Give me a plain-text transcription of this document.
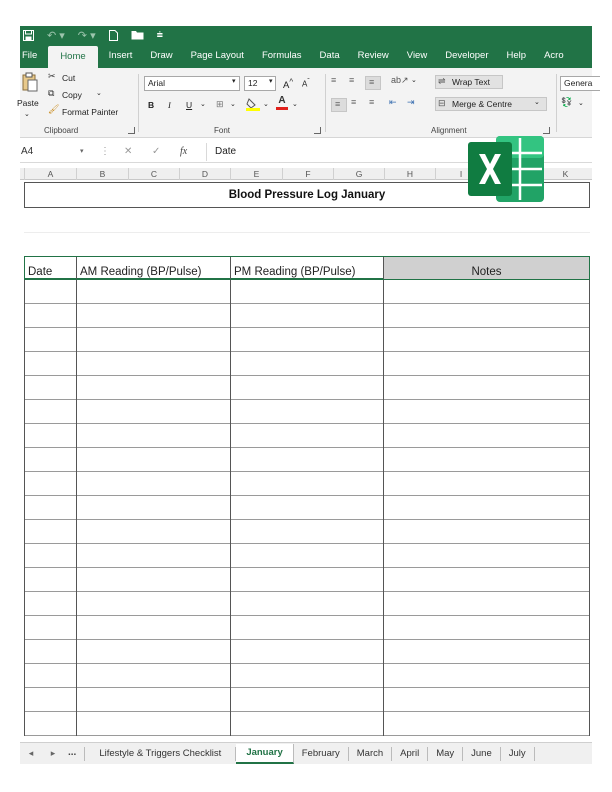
↶ ▾ ↷ ▾	⩧
File	Home	Insert	Draw	Page Layout	Formulas	Data	Review	View	Developer	Help	Acro
Paste
⌄
✂ Cut
⧉ Copy ⌄
🖌 Format Painter
Clipboard
Arial	▾	12	▾ A^ $A^ˇ$
B I U ⌄ ⊞ ⌄	⌄ A ⌄
Font
≡ ≡ ≡ ab↗ ⌄
≡ ≡ ≡ ⇤ ⇥
⇌ Wrap Text
⊟ Merge & Centre	⌄
Alignment
Genera
💱 ⌄
A4	▾ ⋮ ✕ ✓ fx	Date
A	B	C	D	E	F	G	H	I	K
Blood Pressure Log January
Date	AM Reading (BP/Pulse)	PM Reading (BP/Pulse)	Notes
◂	▸	...	Lifestyle & Triggers Checklist	January	February	March	April	May	June	July
